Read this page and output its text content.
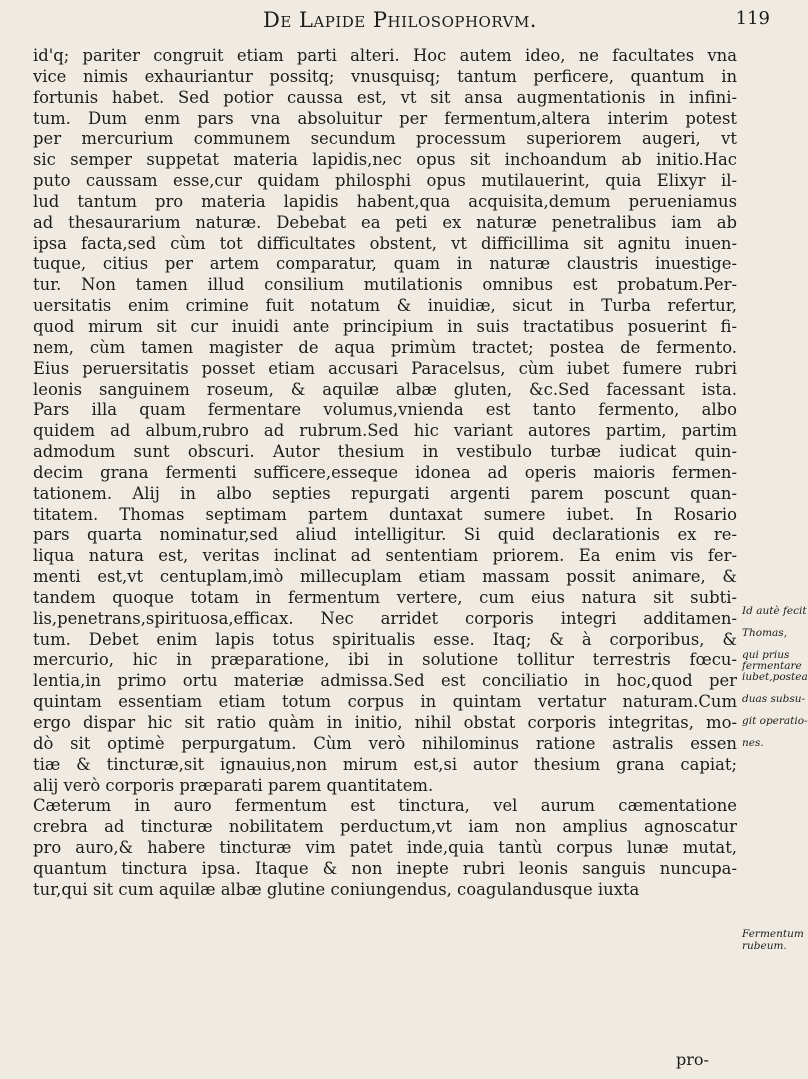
De Lapide Philosophorvm.	119
id'q; pariter congruit etiam parti alteri. Hoc autem ideo, ne facultates vna
vice nimis exhauriantur possitq; vnusquisq; tantum perficere, quantum in
fortunis habet. Sed potior caussa est, vt sit ansa augmentationis in infini-
tum. Dum enm pars vna absoluitur per fermentum,altera interim potest
per mercurium communem secundum processum superiorem augeri, vt
sic semper suppetat materia lapidis,nec opus sit inchoandum ab initio.Hac
puto caussam esse,cur quidam philosphi opus mutilauerint, quia Elixyr il-
lud tantum pro materia lapidis habent,qua acquisita,demum perueniamus
ad thesaurarium naturæ. Debebat ea peti ex naturæ penetralibus iam ab
ipsa facta,sed cùm tot difficultates obstent, vt difficillima sit agnitu inuen-
tuque, citius per artem comparatur, quam in naturæ claustris inuestige-
tur. Non tamen illud consilium mutilationis omnibus est probatum.Per-
uersitatis enim crimine fuit notatum & inuidiæ, sicut in Turba refertur,
quod mirum sit cur inuidi ante principium in suis tractatibus posuerint fi-
nem, cùm tamen magister de aqua primùm tractet; postea de fermento.
Eius peruersitatis posset etiam accusari Paracelsus, cùm iubet fumere rubri
leonis sanguinem roseum, & aquilæ albæ gluten, &c.Sed facessant ista.
Pars illa quam fermentare volumus,vnienda est tanto fermento, albo
quidem ad album,rubro ad rubrum.Sed hic variant autores partim, partim
admodum sunt obscuri. Autor thesium in vestibulo turbæ iudicat quin-
decim grana fermenti sufficere,esseque idonea ad operis maioris fermen-
tationem. Alij in albo septies repurgati argenti parem poscunt quan-
titatem. Thomas septimam partem duntaxat sumere iubet. In Rosario
pars quarta nominatur,sed aliud intelligitur. Si quid declarationis ex re-
liqua natura est, veritas inclinat ad sententiam priorem. Ea enim vis fer-
menti est,vt centuplam,imò millecuplam etiam massam possit animare, &
tandem quoque totam in fermentum vertere, cum eius natura sit subti-
lis,penetrans,spirituosa,efficax. Nec arridet corporis integri additamen-
tum. Debet enim lapis totus spiritualis esse. Itaq; & à corporibus, &
mercurio, hic in præparatione, ibi in solutione tollitur terrestris fœcu-
lentia,in primo ortu materiæ admissa.Sed est conciliatio in hoc,quod per
quintam essentiam etiam totum corpus in quintam vertatur naturam.Cum
ergo dispar hic sit ratio quàm in initio, nihil obstat corporis integritas, mo-
dò sit optimè perpurgatum. Cùm verò nihilominus ratione astralis essen
tiæ & tincturæ,sit ignauius,non mirum est,si autor thesium grana capiat;
alij verò corporis præparati parem quantitatem.
Cæterum in auro fermentum est tinctura, vel aurum cæmentatione
crebra ad tincturæ nobilitatem perductum,vt iam non amplius agnoscatur
pro auro,& habere tincturæ vim patet inde,quia tantù corpus lunæ mutat,
quantum tinctura ipsa. Itaque & non inepte rubri leonis sanguis nuncupa-
tur,qui sit cum aquilæ albæ glutine coniungendus, coagulandusque iuxta
Id autè fecit
Thomas,
qui prius
fermentare
iubet,postea
duas subsu-
git operatio-
nes.
Fermentum
rubeum.
pro-
